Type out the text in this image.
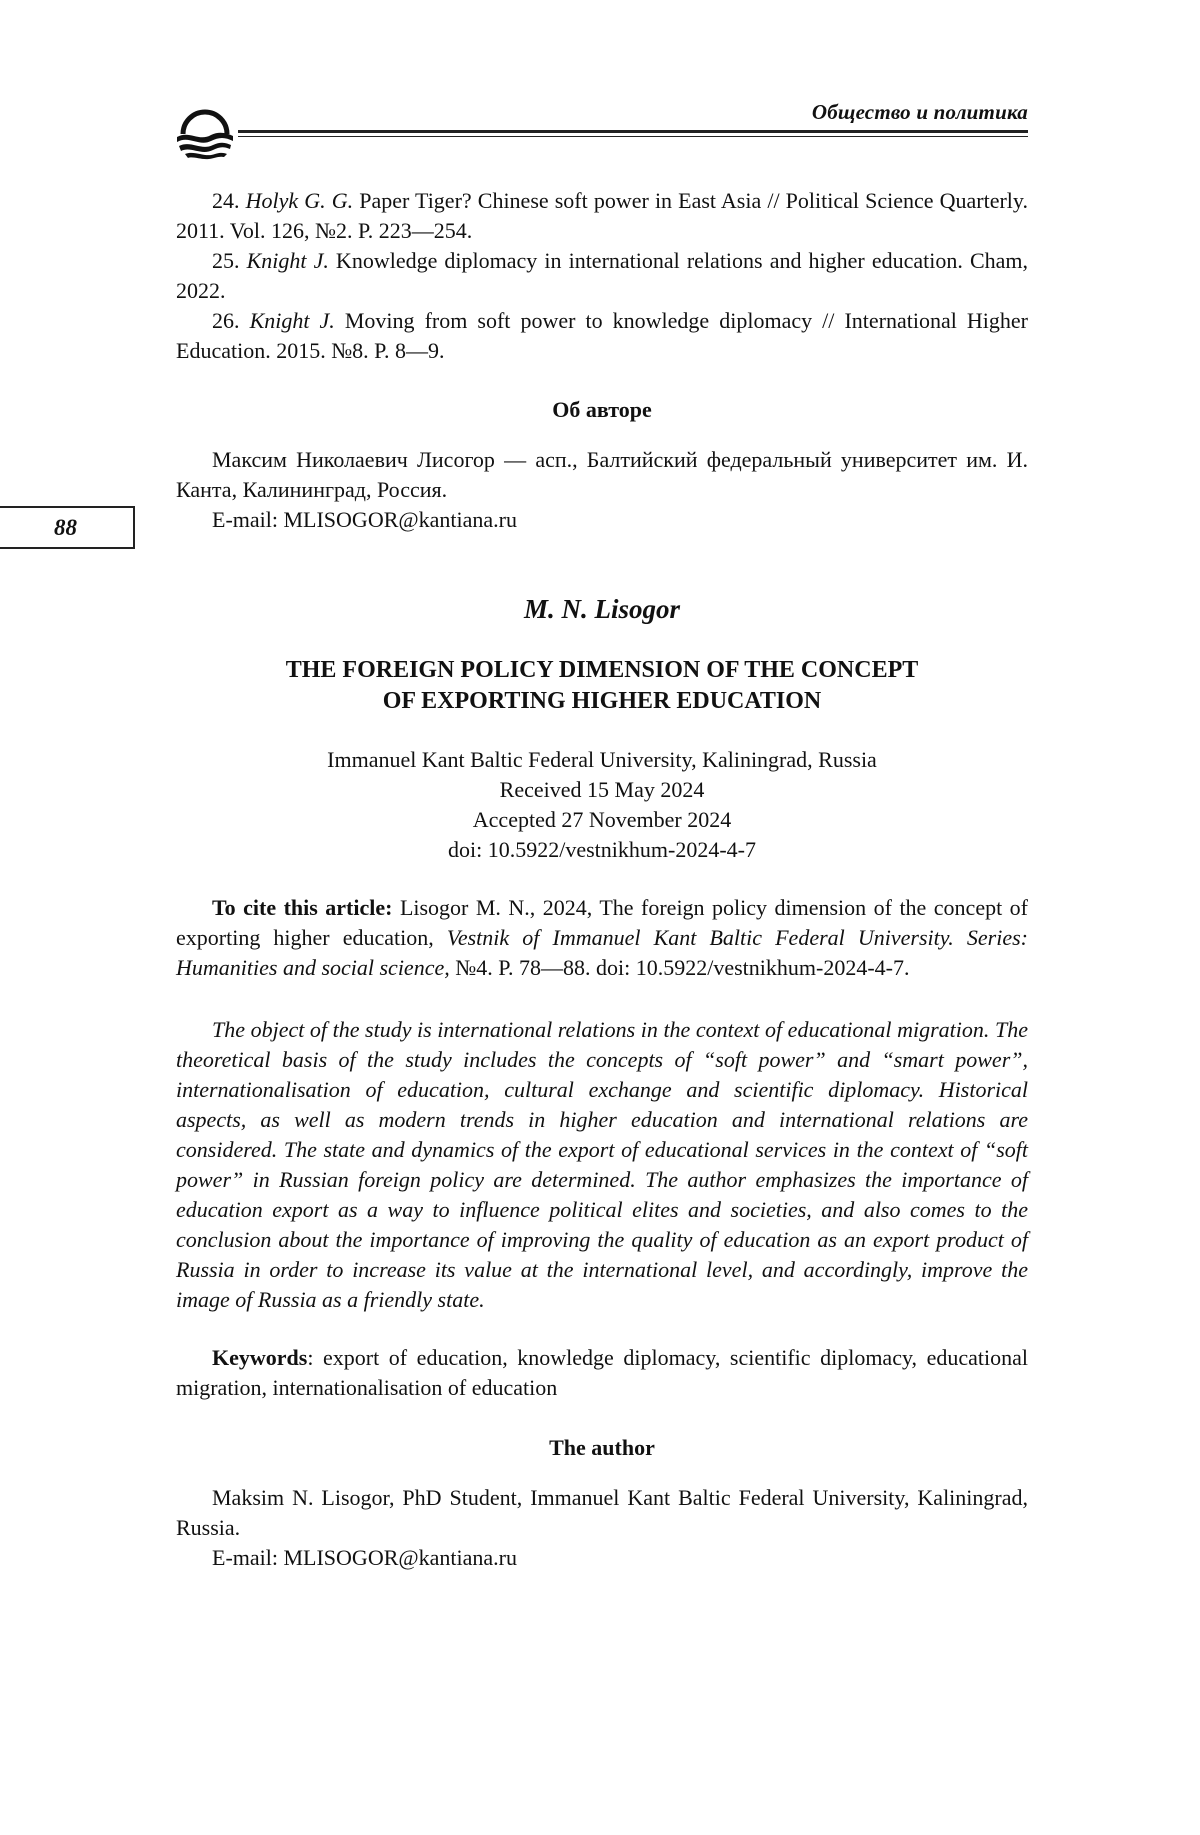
Общество и политика
88

24. Holyk G. G. Paper Tiger? Chinese soft power in East Asia // Political Science Quarterly. 2011. Vol. 126, №2. P. 223—254.

25. Knight J. Knowledge diplomacy in international relations and higher education. Cham, 2022.

26. Knight J. Moving from soft power to knowledge diplomacy // International Higher Education. 2015. №8. P. 8—9.

Об авторе

Максим Николаевич Лисогор — асп., Балтийский федеральный университет им. И. Канта, Калининград, Россия.

E-mail: MLISOGOR@kantiana.ru

M. N. Lisogor
THE FOREIGN POLICY DIMENSION OF THE CONCEPT
OF EXPORTING HIGHER EDUCATION
Immanuel Kant Baltic Federal University, Kaliningrad, Russia
Received 15 May 2024
Accepted 27 November 2024
doi: 10.5922/vestnikhum-2024-4-7

To cite this article: Lisogor M. N., 2024, The foreign policy dimension of the concept of exporting higher education, Vestnik of Immanuel Kant Baltic Federal University. Series: Humanities and social science, №4. P. 78—88. doi: 10.5922/vestnikhum-2024-4-7.

The object of the study is international relations in the context of educational migration. The theoretical basis of the study includes the concepts of “soft power” and “smart power”, internationalisation of education, cultural exchange and scientific diplomacy. Historical aspects, as well as modern trends in higher education and international relations are considered. The state and dynamics of the export of educational services in the context of “soft power” in Russian foreign policy are determined. The author emphasizes the importance of education export as a way to influence political elites and societies, and also comes to the conclusion about the importance of improving the quality of education as an export product of Russia in order to increase its value at the international level, and accordingly, improve the image of Russia as a friendly state.

Keywords: export of education, knowledge diplomacy, scientific diplomacy, educational migration, internationalisation of education

The author

Maksim N. Lisogor, PhD Student, Immanuel Kant Baltic Federal University, Kaliningrad, Russia.

E-mail: MLISOGOR@kantiana.ru
